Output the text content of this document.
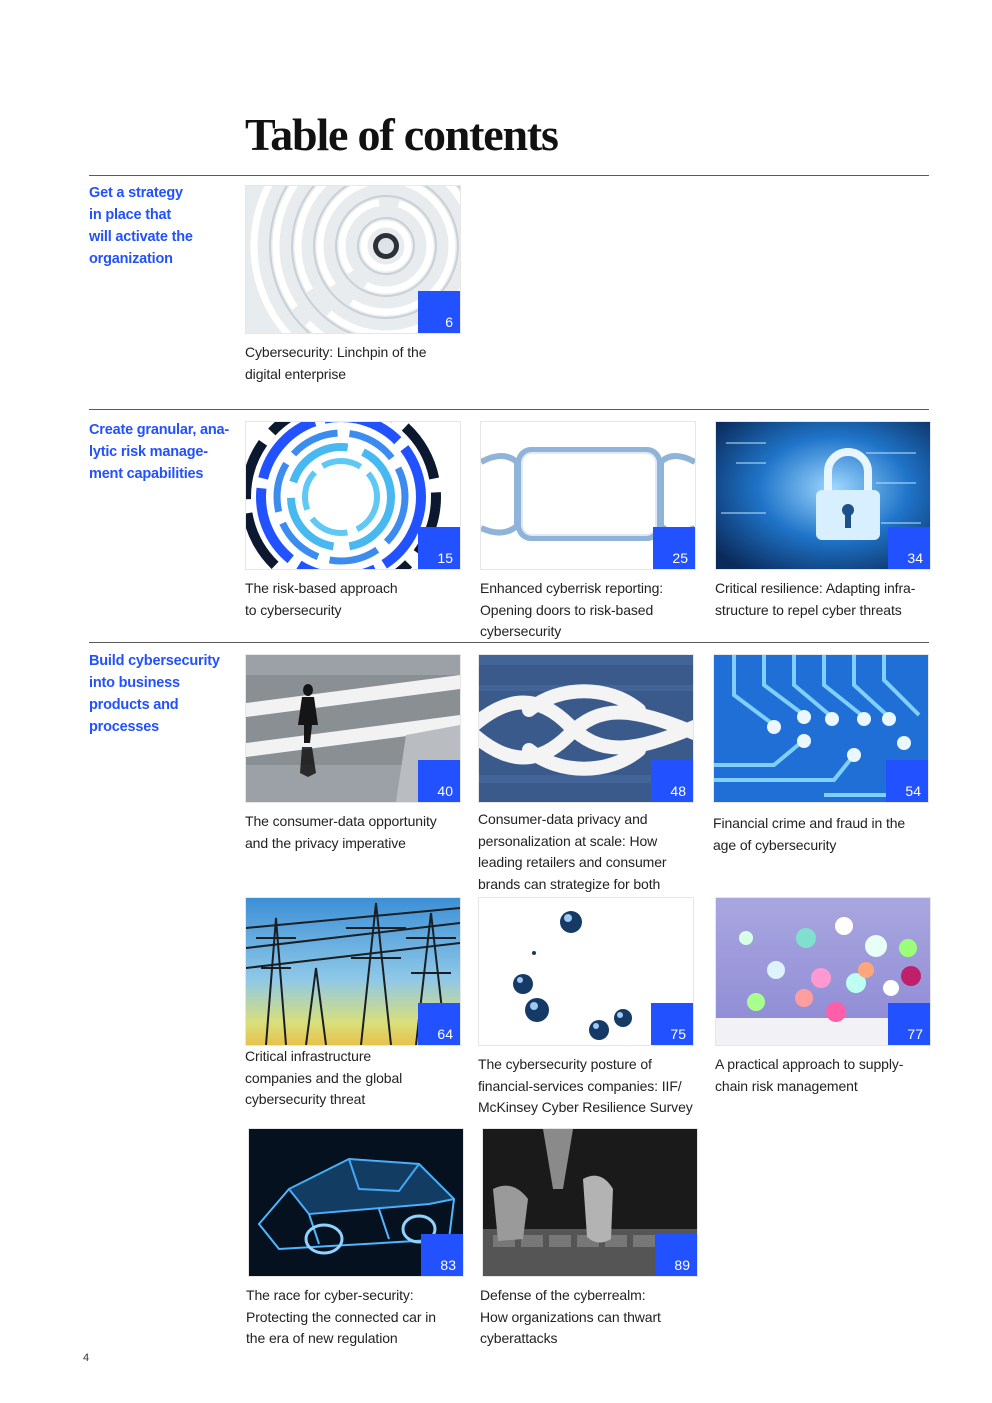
Table of contents
Get a strategy
in place that
will activate the
organization
6
Cybersecurity: Linchpin of the
digital enterprise
Create granular, ana-
lytic risk manage-
ment capabilities
15
The risk-based approach
to cybersecurity
25
Enhanced cyberrisk reporting:
Opening doors to risk-based
cybersecurity
34
Critical resilience: Adapting infra-
structure to repel cyber threats
Build cybersecurity
into business
products and
processes
40
The consumer-data opportunity
and the privacy imperative
48
Consumer-data privacy and
personalization at scale: How
leading retailers and consumer
brands can strategize for both
54
Financial crime and fraud in the
age of cybersecurity
64
Critical infrastructure
companies and the global
cybersecurity threat
75
The cybersecurity posture of
financial-services companies: IIF/
McKinsey Cyber Resilience Survey
77
A practical approach to supply-
chain risk management
83
The race for cyber-security:
Protecting the connected car in
the era of new regulation
89
Defense of the cyberrealm:
How organizations can thwart
cyberattacks
4
